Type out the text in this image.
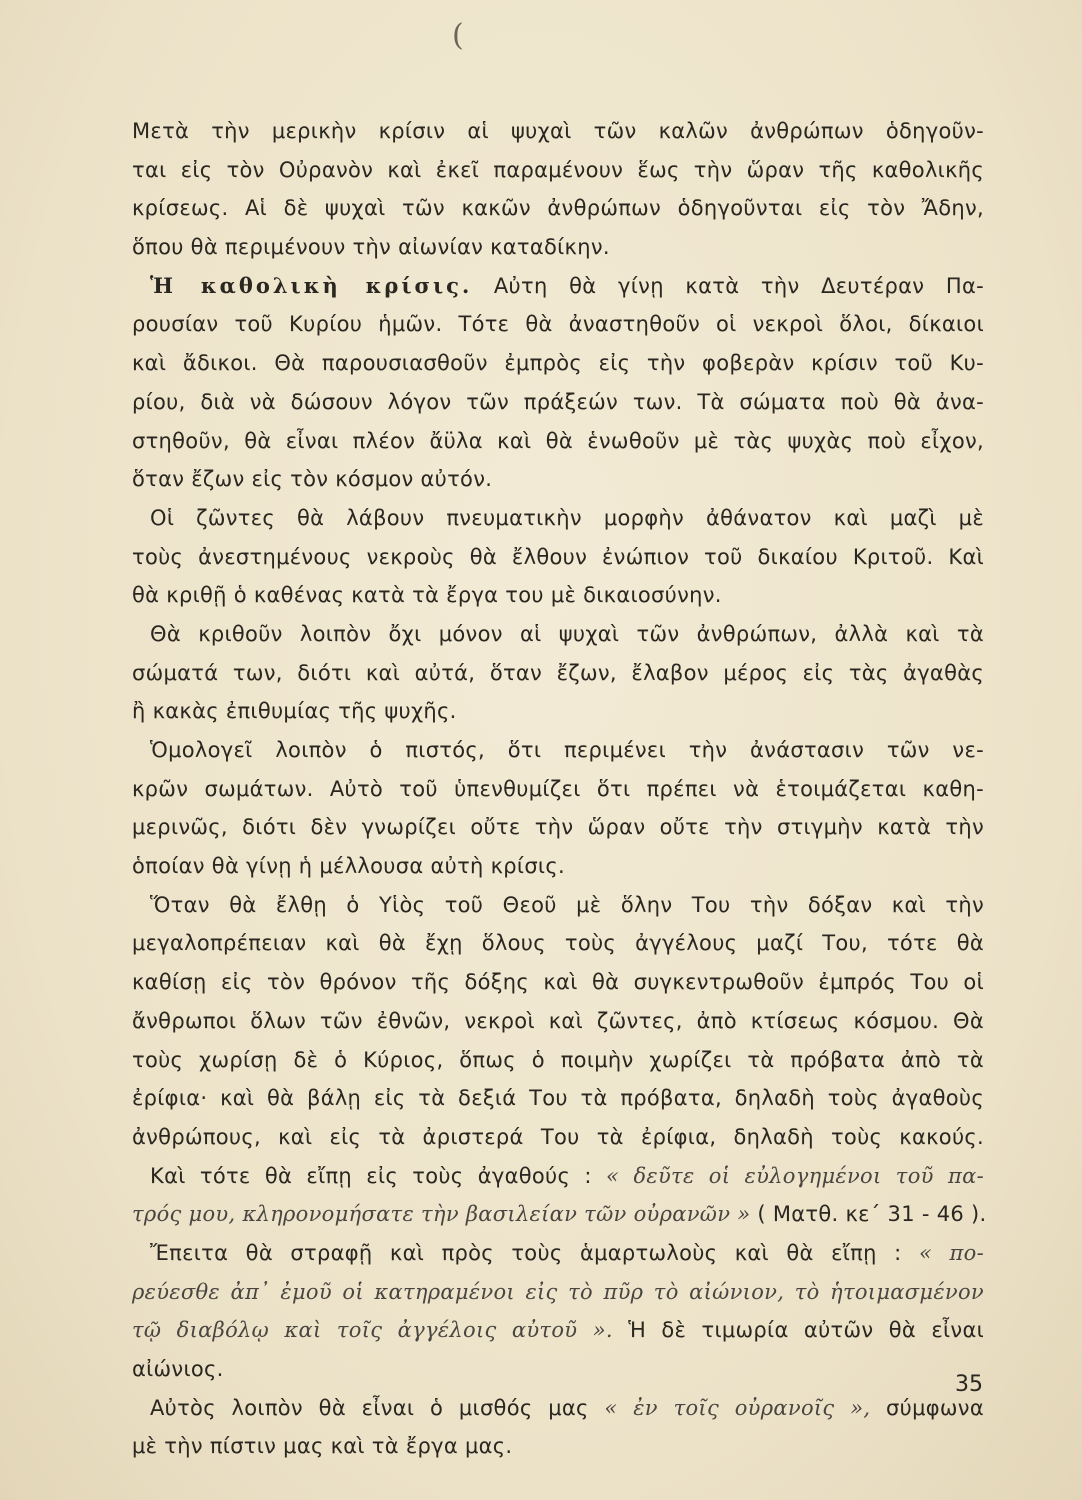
(
Μετὰ τὴν μερικὴν κρίσιν αἱ ψυχαὶ τῶν καλῶν ἀνθρώπων ὁδηγοῦν-
ται εἰς τὸν Οὐρανὸν καὶ ἐκεῖ παραμένουν ἕως τὴν ὥραν τῆς καθολικῆς
κρίσεως. Αἱ δὲ ψυχαὶ τῶν κακῶν ἀνθρώπων ὁδηγοῦνται εἰς τὸν Ἄδην,
ὅπου θὰ περιμένουν τὴν αἰωνίαν καταδίκην.
Ἡ καθολικὴ κρίσις. Αὐτη θὰ γίνῃ κατὰ τὴν Δευτέραν Πα-
ρουσίαν τοῦ Κυρίου ἡμῶν. Τότε θὰ ἀναστηθοῦν οἱ νεκροὶ ὅλοι, δίκαιοι
καὶ ἄδικοι. Θὰ παρουσιασθοῦν ἐμπρὸς εἰς τὴν φοβερὰν κρίσιν τοῦ Κυ-
ρίου, διὰ νὰ δώσουν λόγον τῶν πράξεών των. Τὰ σώματα ποὺ θὰ ἀνα-
στηθοῦν, θὰ εἶναι πλέον ἄϋλα καὶ θὰ ἑνωθοῦν μὲ τὰς ψυχὰς ποὺ εἶχον,
ὅταν ἔζων εἰς τὸν κόσμον αὐτόν.
Οἱ ζῶντες θὰ λάβουν πνευματικὴν μορφὴν ἀθάνατον καὶ μαζὶ μὲ
τοὺς ἀνεστημένους νεκροὺς θὰ ἔλθουν ἐνώπιον τοῦ δικαίου Κριτοῦ. Καὶ
θὰ κριθῇ ὁ καθένας κατὰ τὰ ἔργα του μὲ δικαιοσύνην.
Θὰ κριθοῦν λοιπὸν ὄχι μόνον αἱ ψυχαὶ τῶν ἀνθρώπων, ἀλλὰ καὶ τὰ
σώματά των, διότι καὶ αὐτά, ὅταν ἔζων, ἔλαβον μέρος εἰς τὰς ἀγαθὰς
ἢ κακὰς ἐπιθυμίας τῆς ψυχῆς.
Ὁμολογεῖ λοιπὸν ὁ πιστός, ὅτι περιμένει τὴν ἀνάστασιν τῶν νε-
κρῶν σωμάτων. Αὐτὸ τοῦ ὑπενθυμίζει ὅτι πρέπει νὰ ἑτοιμάζεται καθη-
μερινῶς, διότι δὲν γνωρίζει οὔτε τὴν ὥραν οὔτε τὴν στιγμὴν κατὰ τὴν
ὁποίαν θὰ γίνῃ ἡ μέλλουσα αὐτὴ κρίσις.
Ὅταν θὰ ἔλθῃ ὁ Υἱὸς τοῦ Θεοῦ μὲ ὅλην Του τὴν δόξαν καὶ τὴν
μεγαλοπρέπειαν καὶ θὰ ἔχῃ ὅλους τοὺς ἀγγέλους μαζί Του, τότε θὰ
καθίσῃ εἰς τὸν θρόνον τῆς δόξης καὶ θὰ συγκεντρωθοῦν ἐμπρός Του οἱ
ἄνθρωποι ὅλων τῶν ἐθνῶν, νεκροὶ καὶ ζῶντες, ἀπὸ κτίσεως κόσμου. Θὰ
τοὺς χωρίσῃ δὲ ὁ Κύριος, ὅπως ὁ ποιμὴν χωρίζει τὰ πρόβατα ἀπὸ τὰ
ἐρίφια· καὶ θὰ βάλῃ εἰς τὰ δεξιά Του τὰ πρόβατα, δηλαδὴ τοὺς ἀγαθοὺς
ἀνθρώπους, καὶ εἰς τὰ ἀριστερά Του τὰ ἐρίφια, δηλαδὴ τοὺς κακούς.
Καὶ τότε θὰ εἴπῃ εἰς τοὺς ἀγαθούς : « δεῦτε οἱ εὐλογημένοι τοῦ πα-
τρός μου, κληρονομήσατε τὴν βασιλείαν τῶν οὐρανῶν » ( Ματθ. κε΄ 31 - 46 ).
Ἔπειτα θὰ στραφῇ καὶ πρὸς τοὺς ἁμαρτωλοὺς καὶ θὰ εἴπῃ : « πο-
ρεύεσθε ἀπ᾿ ἐμοῦ οἱ κατηραμένοι εἰς τὸ πῦρ τὸ αἰώνιον, τὸ ἡτοιμασμένον
τῷ διαβόλῳ καὶ τοῖς ἀγγέλοις αὐτοῦ ». Ἡ δὲ τιμωρία αὐτῶν θὰ εἶναι
αἰώνιος.
Αὐτὸς λοιπὸν θὰ εἶναι ὁ μισθός μας « ἐν τοῖς οὐρανοῖς », σύμφωνα
μὲ τὴν πίστιν μας καὶ τὰ ἔργα μας.
35
